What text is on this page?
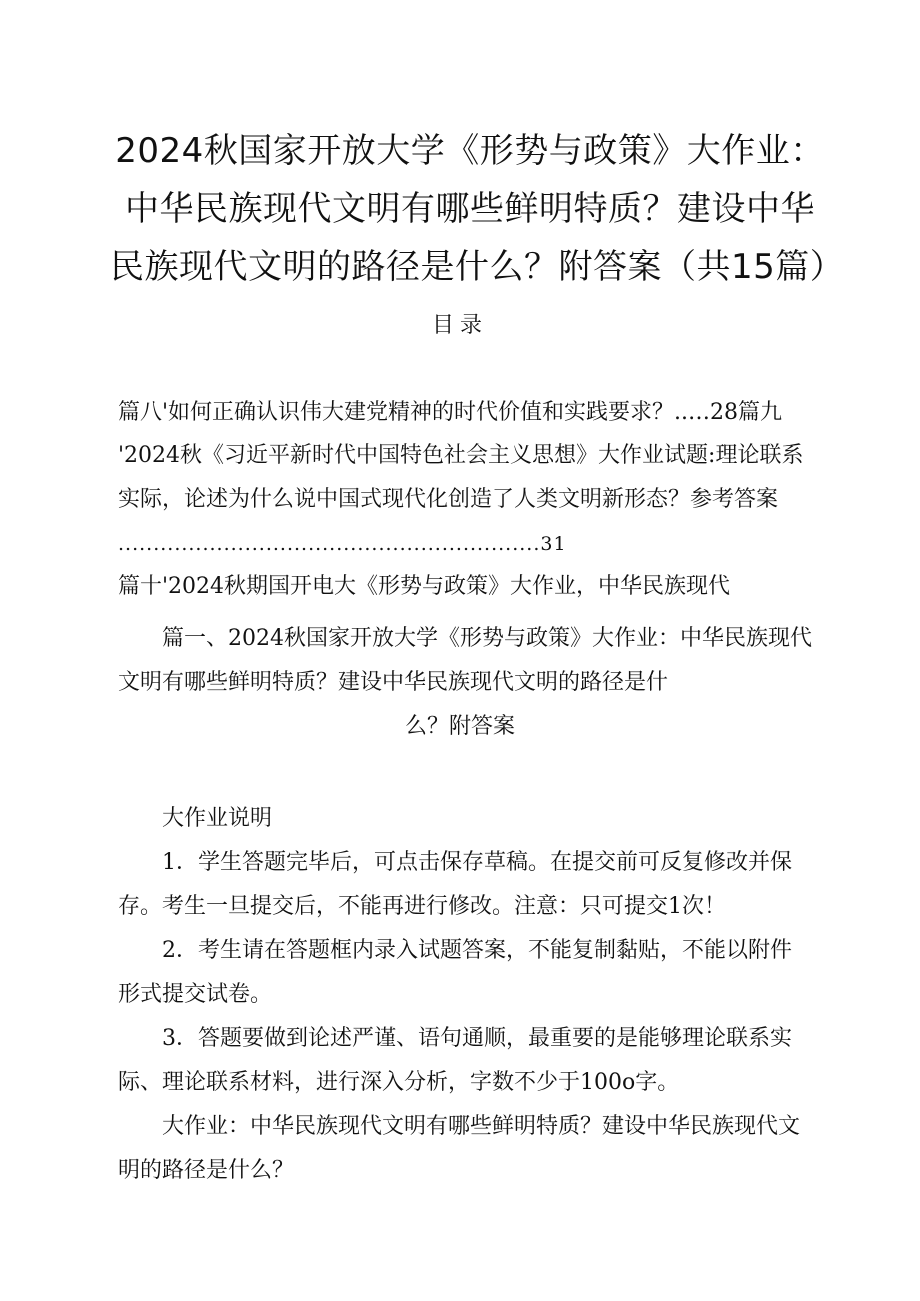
2024秋国家开放大学《形势与政策》大作业：
中华民族现代文明有哪些鲜明特质？建设中华
民族现代文明的路径是什么？附答案（共15篇）
目录
篇八'如何正确认识伟大建党精神的时代价值和实践要求？..…28篇九
'2024秋《习近平新时代中国特色社会主义思想》大作业试题:理论联系
实际，论述为什么说中国式现代化创造了人类文明新形态？参考答案
............................................................31
篇十'2024秋期国开电大《形势与政策》大作业，中华民族现代
篇一、2024秋国家开放大学《形势与政策》大作业：中华民族现代
文明有哪些鲜明特质？建设中华民族现代文明的路径是什
么？附答案
大作业说明
1．学生答题完毕后，可点击保存草稿。在提交前可反复修改并保
存。考生一旦提交后，不能再进行修改。注意：只可提交1次！
2．考生请在答题框内录入试题答案，不能复制黏贴，不能以附件
形式提交试卷。
3．答题要做到论述严谨、语句通顺，最重要的是能够理论联系实
际、理论联系材料，进行深入分析，字数不少于100o字。
大作业：中华民族现代文明有哪些鲜明特质？建设中华民族现代文
明的路径是什么？
